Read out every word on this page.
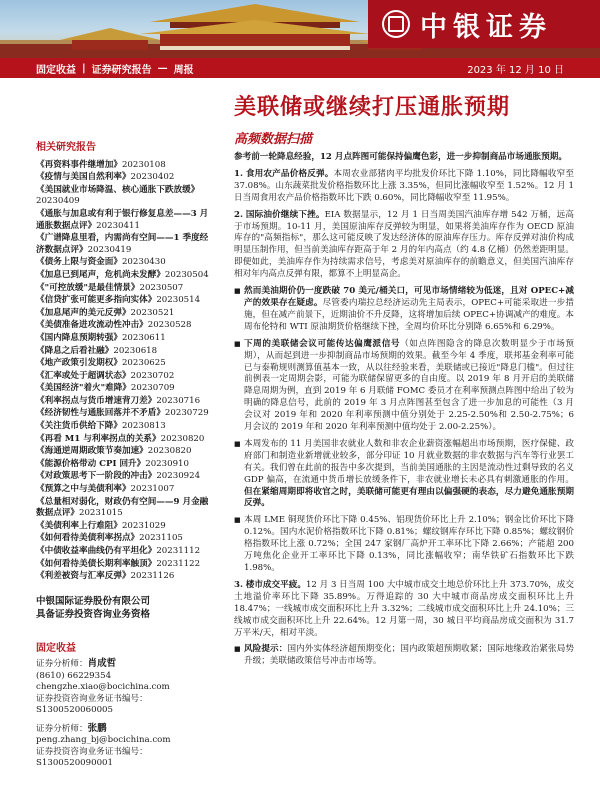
中银证券
固定收益 | 证券研究报告 — 周报	2023 年 12 月 10 日
美联储或继续打压通胀预期
高频数据扫描
相关研究报告
《再资料事件继增加》20230108
《疫情与美国自然利率》20230402
《美国就业市场降温、核心通胀下跌放缓》20230409
《通胀与加息或有利于银行修复息差——3 月通胀数据点评》20230411
《广谱降息里看，内需尚有空间——1 季度经济数据点评》20230419
《债务上限与资金面》20230430
《加息已到尾声，危机尚未发酵》20230504
《"可控放缓"是最佳情景》20230507
《信贷扩张可能更多指向实体》20230514
《加息尾声的美元反弹》20230521
《美债准备进攻流动性冲击》20230528
《国内降息预期转强》20230611
《降息之后看社融》20230618
《地产政策引发期权》20230625
《汇率或处于超调状态》20230702
《美国经济"着火"难降》20230709
《利率拐点与货币增速背刀差》20230716
《经济韧性与通胀回落并不矛盾》20230729
《关注货币供给下降》20230813
《再看 M1 与利率拐点的关系》20230820
《海通逆周期政策节奏加速》20230820
《能源价格带动 CPI 回升》20230910
《对政策思考下一阶段的冲击》20230924
《预算之中与美债利率》20231007
《总量相对弱化，财政仍有空间——9 月金融数据点评》20231015
《美债利率上行难阻》20231029
《如何看待美债利率拐点》20231105
《中债收益率曲线仍有平坦化》20231112
《如何看待美债长期利率触顶》20231122
《利差被资与汇率反弹》20231126
中银国际证券股份有限公司
具备证券投资咨询业务资格
固定收益
证券分析师：肖成哲
(8610) 66229354
chengzhe.xiao@bocichina.com
证券投资咨询业务证书编号：S1300520060005
证券分析师：张鹏
peng.zhang_bj@bocichina.com
证券投资咨询业务证书编号：S1300520090001

参考前一轮降息经验，12 月点阵图可能保持偏鹰色彩，进一步抑制商品市场通胀预期。

1. 食用农产品价格反弹。本周农业部猪肉平均批发价环比下降 1.10%，同比降幅收窄至 37.08%。山东蔬菜批发价格指数环比上涨 3.35%，但同比涨幅收窄至 1.52%。12 月 1 日当周食用农产品价格指数环比下跌 0.60%，同比降幅收窄至 11.95%。

2. 国际油价继续下挫。EIA 数据显示，12 月 1 日当周美国汽油库存增 542 万桶，远高于市场预期。10-11 月，美国原油库存反弹较为明显，如果将美油库存作为 OECD 原油库存的"高频指标"，那么这可能反映了发达经济体的原油库存压力。库存反弹对油价构成明显压制作用，但当前美油库存距高于年 2 月的年内高点（约 4.8 亿桶）仍然差距明显。即便如此，美油库存作为持续需求信号，考虑美对原油库存的前瞻意义，但美国汽油库存相对年内高点反弹有限，都算不上明显高企。

■ 然而美油期价仍一度跌破 70 美元/桶关口，可见市场情绪较为低迷，且对 OPEC+减产的效果存在疑虑。尽管委内瑞拉总经济运动先主局表示，OPEC+可能采取进一步措施，但在减产前景下，近期油价不升反降，这将增加后续 OPEC+协调减产的难度。本周布伦特和 WTI 原油期货价格继续下挫，全周均价环比分别降 6.65%和 6.29%。

■ 下周的美联储会议可能传达偏鹰派信号（如点阵图隐含的降息次数明显少于市场预期），从而起到进一步抑制商品市场预期的效果。截至今年 4 季度，联邦基金利率可能已与泰勒规则测算值基本一致，从以往经验来看，美联储或已接近"降息门槛"。但过往前例表一定周期会影，可能为联储保留更多的自由度。以 2019 年 8 月开启的美联储降息周期为例，直到 2019 年 6 月联储 FOMC 委员才在利率预测点阵图中给出了较为明确的降息信号，此前的 2019 年 3 月点阵图甚至包含了进一步加息的可能性（3 月会议对 2019 年和 2020 年利率预测中值分别处于 2.25-2.50%和 2.50-2.75%；6 月会议的 2019 年和 2020 年利率预测中值均处于 2.00-2.25%）。

■ 本周发布的 11 月美国非农就业人数和非农企业薪资涨幅超出市场预期，医疗保健、政府部门和制造业新增就业较多，部分印证 10 月就业数据的非农数据与汽车等行业罢工有关。我们曾在此前的报告中多次提到，当前美国通胀的主因是流动性过剩导致的名义 GDP 偏高，在流通中货币增长放缓条件下，非农就业增长未必具有刺激通胀的作用。但在紧缩周期即将收官之时，美联储可能更有理由以偏强硬的表态，尽力避免通胀预期反弹。

■ 本周 LME 铜现货价环比下降 0.45%、铝现货价环比上升 2.10%；钢金比价环比下降 0.12%。国内水泥价格指数环比下降 0.81%；螺纹钢库存环比下降 0.85%；螺纹钢价格指数环比上涨 0.72%；全国 247 家钢厂高炉开工率环比下降 2.66%；产能超 200 万吨焦化企业开工率环比下降 0.13%，同比涨幅收窄；南华铁矿石指数环比下跌 1.98%。

3. 楼市成交平疲。12 月 3 日当周 100 大中城市成交土地总价环比上升 373.70%，成交土地溢价率环比下降 35.89%。万得追踪的 30 大中城市商品房成交面积环比上升 18.47%；一线城市成交面积环比上升 3.32%；二线城市成交面积环比上升 24.10%；三线城市成交面积环比上升 22.64%。12 月第一周，30 城日平均商品房成交面积为 31.7 万平米/天，相对平淡。

■ 风险提示：国内外实体经济超预期变化；国内政策超预期收紧；国际地缘政治紧张局势升级；美联储政策信号冲击市场等。
